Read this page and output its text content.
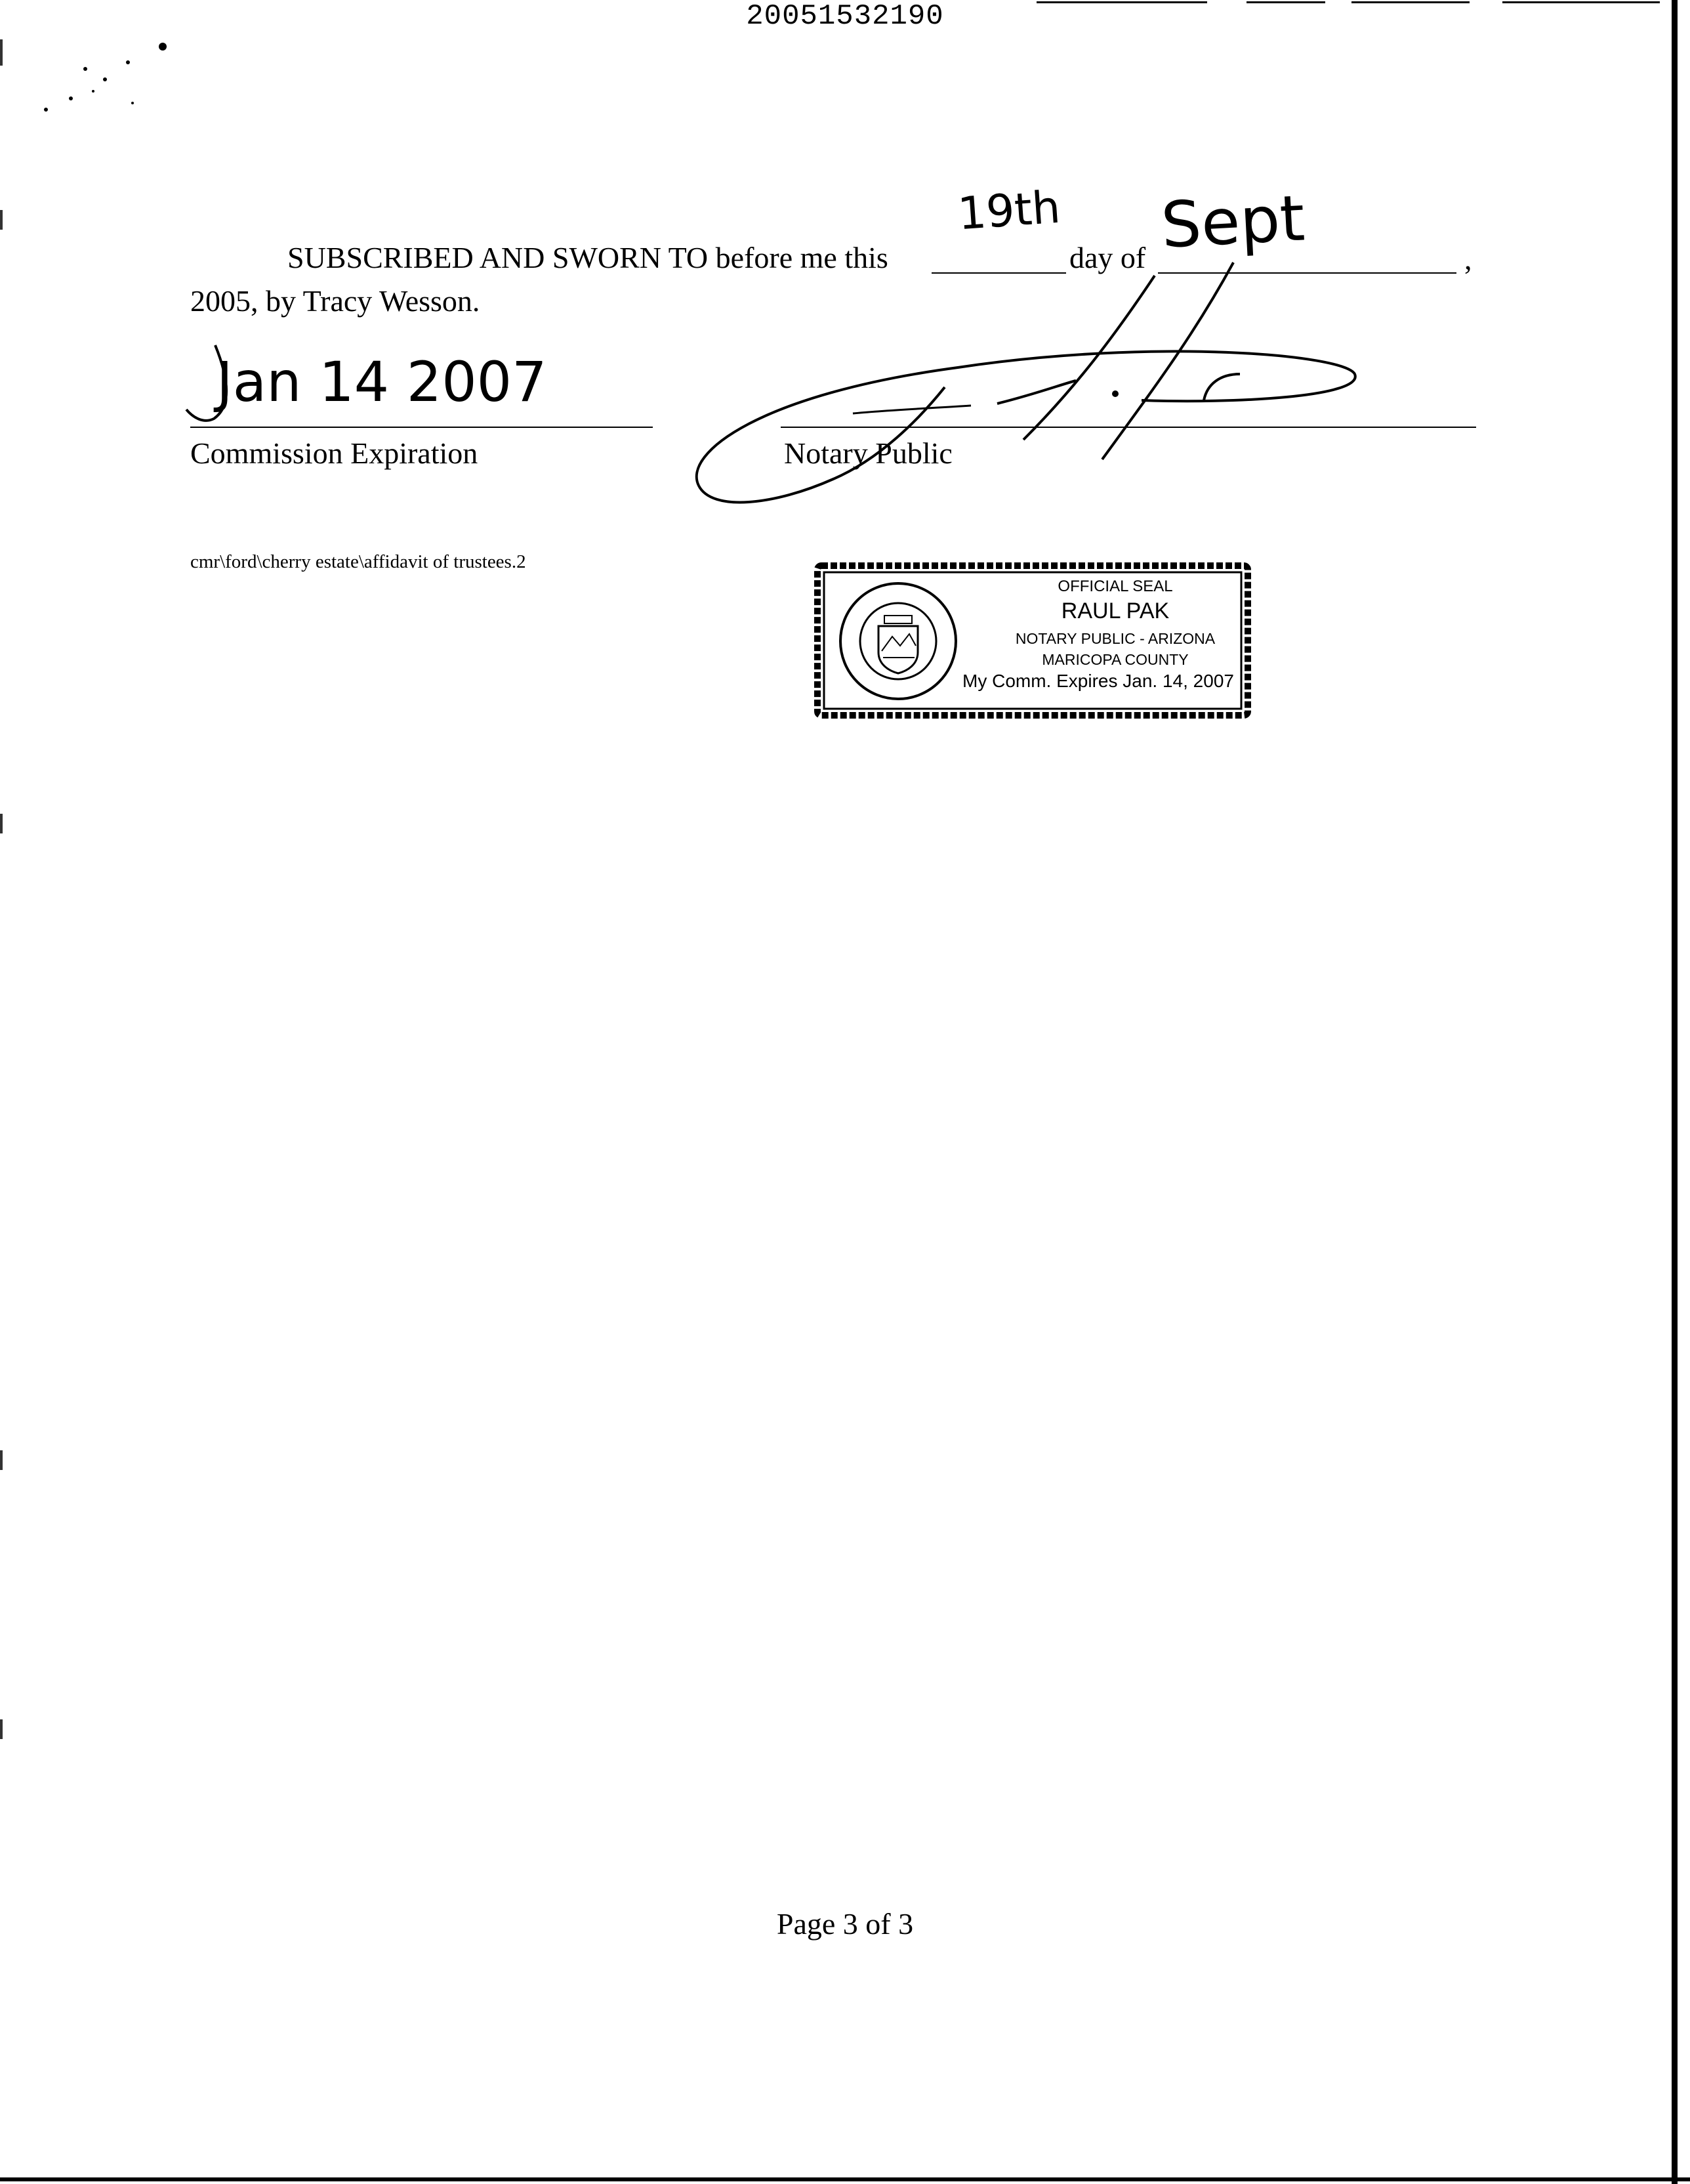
20051532190
SUBSCRIBED AND SWORN TO before me this
19th
day of Sept	,
2005, by Tracy Wesson.
Jan 14 2007
Commission Expiration	Notary Public
cmr\ford\cherry estate\affidavit of trustees.2
OFFICIAL SEAL
RAUL PAK
NOTARY PUBLIC - ARIZONA
MARICOPA COUNTY
My Comm. Expires Jan. 14, 2007
Page 3 of 3
